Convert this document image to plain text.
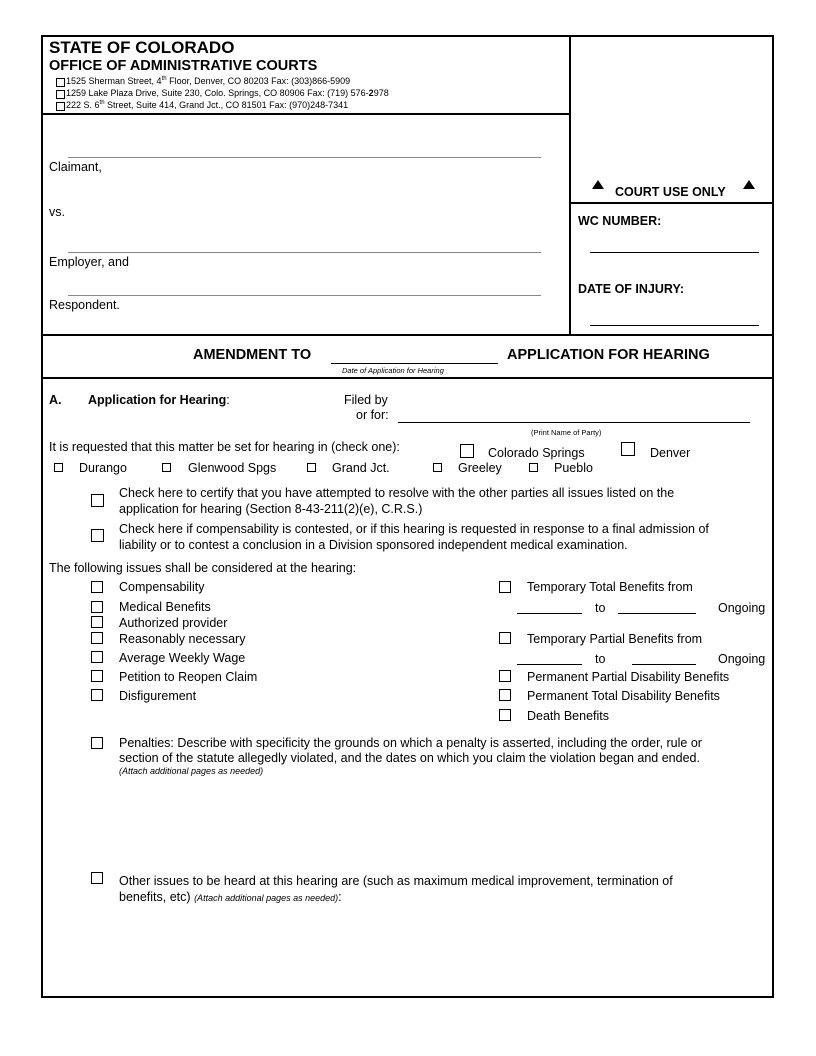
STATE OF COLORADO
OFFICE OF ADMINISTRATIVE COURTS
1525 Sherman Street, 4th Floor, Denver, CO 80203 Fax: (303)866-5909
1259 Lake Plaza Drive, Suite 230, Colo. Springs, CO 80906 Fax: (719) 576-2978
222 S. 6th Street, Suite 414, Grand Jct., CO 81501 Fax: (970)248-7341
Claimant,
vs.
Employer, and
Respondent.
COURT USE ONLY
WC NUMBER:
DATE OF INJURY:
AMENDMENT TO
Date of Application for Hearing
APPLICATION FOR HEARING
A. Application for Hearing:	Filed by
or for:
(Print Name of Party)
It is requested that this matter be set for hearing in (check one):	Colorado Springs	Denver
Durango	Glenwood Spgs	Grand Jct.	Greeley	Pueblo
Check here to certify that you have attempted to resolve with the other parties all issues listed on the
application for hearing (Section 8-43-211(2)(e), C.R.S.)
Check here if compensability is contested, or if this hearing is requested in response to a final admission of
liability or to contest a conclusion in a Division sponsored independent medical examination.
The following issues shall be considered at the hearing:
Compensability
Medical Benefits
Authorized provider
Reasonably necessary
Average Weekly Wage
Petition to Reopen Claim
Disfigurement
Temporary Total Benefits from
to	Ongoing
Temporary Partial Benefits from
to	Ongoing
Permanent Partial Disability Benefits
Permanent Total Disability Benefits
Death Benefits
Penalties: Describe with specificity the grounds on which a penalty is asserted, including the order, rule or
section of the statute allegedly violated, and the dates on which you claim the violation began and ended.
(Attach additional pages as needed)
Other issues to be heard at this hearing are (such as maximum medical improvement, termination of
benefits, etc) (Attach additional pages as needed):
